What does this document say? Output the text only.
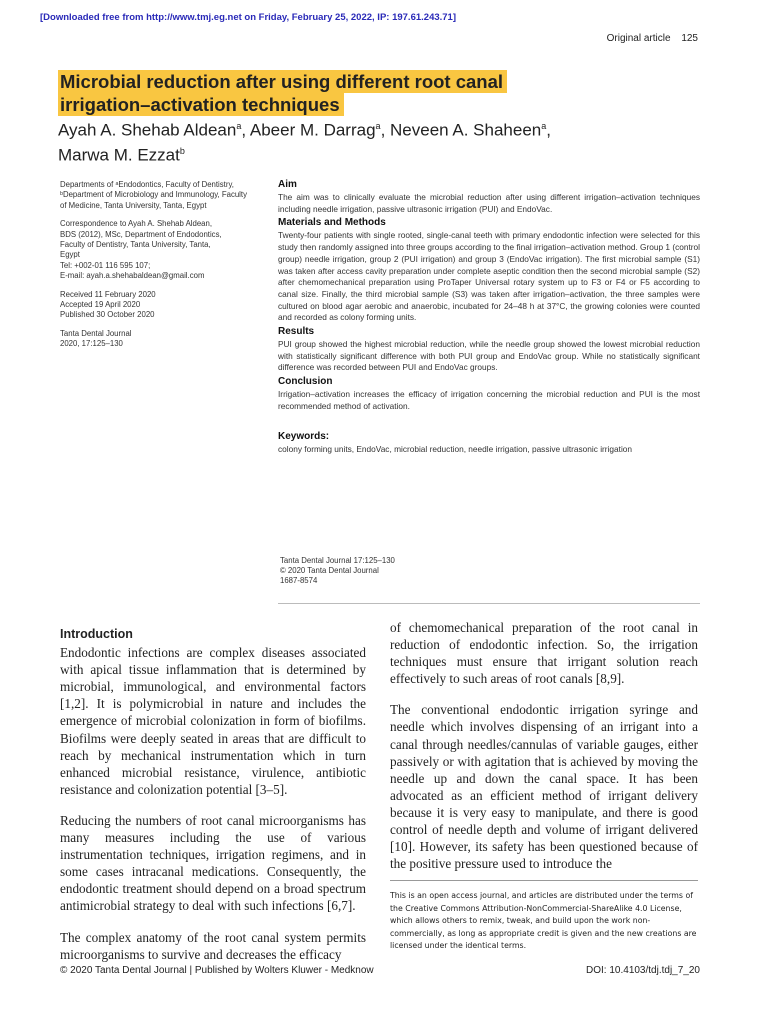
[Downloaded free from http://www.tmj.eg.net on Friday, February 25, 2022, IP: 197.61.243.71]
Original article 125
Microbial reduction after using different root canal
irrigation–activation techniques
Ayah A. Shehab Aldean$^a$, Abeer M. Darrag$^a$, Neveen A. Shaheen$^a$,
Marwa M. Ezzat$^b$

Departments of ᵃEndodontics, Faculty of Dentistry, ᵇDepartment of Microbiology and Immunology, Faculty of Medicine, Tanta University, Tanta, Egypt

Correspondence to Ayah A. Shehab Aldean,
BDS (2012), MSc, Department of Endodontics,
Faculty of Dentistry, Tanta University, Tanta,
Egypt
Tel: +002-01 116 595 107;
E-mail: ayah.a.shehabaldean@gmail.com

Received 11 February 2020
Accepted 19 April 2020
Published 30 October 2020

Tanta Dental Journal
2020, 17:125–130

Aim

The aim was to clinically evaluate the microbial reduction after using different irrigation–activation techniques including needle irrigation, passive ultrasonic irrigation (PUI) and EndoVac.

Materials and Methods

Twenty-four patients with single rooted, single-canal teeth with primary endodontic infection were selected for this study then randomly assigned into three groups according to the final irrigation–activation method. Group 1 (control group) needle irrigation, group 2 (PUI irrigation) and group 3 (EndoVac irrigation). The first microbial sample (S1) was taken after access cavity preparation under complete aseptic condition then the second microbial sample (S2) after chemomechanical preparation using ProTaper Universal rotary system up to F3 or F4 or F5 according to canal size. Finally, the third microbial sample (S3) was taken after irrigation–activation, the three samples were cultured on blood agar aerobic and anaerobic, incubated for 24–48 h at 37°C, the growing colonies were counted and recorded as colony forming units.

Results

PUI group showed the highest microbial reduction, while the needle group showed the lowest microbial reduction with statistically significant difference with both PUI group and EndoVac group. While no statistically significant difference was recorded between PUI and EndoVac groups.

Conclusion

Irrigation–activation increases the efficacy of irrigation concerning the microbial reduction and PUI is the most recommended method of activation.

Keywords:

colony forming units, EndoVac, microbial reduction, needle irrigation, passive ultrasonic irrigation

Tanta Dental Journal 17:125–130
© 2020 Tanta Dental Journal
1687-8574
Introduction

Endodontic infections are complex diseases associated with apical tissue inflammation that is determined by microbial, immunological, and environmental factors [1,2]. It is polymicrobial in nature and includes the emergence of microbial colonization in form of biofilms. Biofilms were deeply seated in areas that are difficult to reach by mechanical instrumentation which in turn enhanced microbial resistance, virulence, antibiotic resistance and colonization potential [3–5].

Reducing the numbers of root canal microorganisms has many measures including the use of various instrumentation techniques, irrigation regimens, and in some cases intracanal medications. Consequently, the endodontic treatment should depend on a broad spectrum antimicrobial strategy to deal with such infections [6,7].

The complex anatomy of the root canal system permits microorganisms to survive and decreases the efficacy

of chemomechanical preparation of the root canal in reduction of endodontic infection. So, the irrigation techniques must ensure that irrigant solution reach effectively to such areas of root canals [8,9].

The conventional endodontic irrigation syringe and needle which involves dispensing of an irrigant into a canal through needles/cannulas of variable gauges, either passively or with agitation that is achieved by moving the needle up and down the canal space. It has been advocated as an efficient method of irrigant delivery because it is very easy to manipulate, and there is good control of needle depth and volume of irrigant delivered [10]. However, its safety has been questioned because of the positive pressure used to introduce the

This is an open access journal, and articles are distributed under the terms of the Creative Commons Attribution-NonCommercial-ShareAlike 4.0 License, which allows others to remix, tweak, and build upon the work non-commercially, as long as appropriate credit is given and the new creations are licensed under the identical terms.
© 2020 Tanta Dental Journal | Published by Wolters Kluwer - Medknow	DOI: 10.4103/tdj.tdj_7_20
